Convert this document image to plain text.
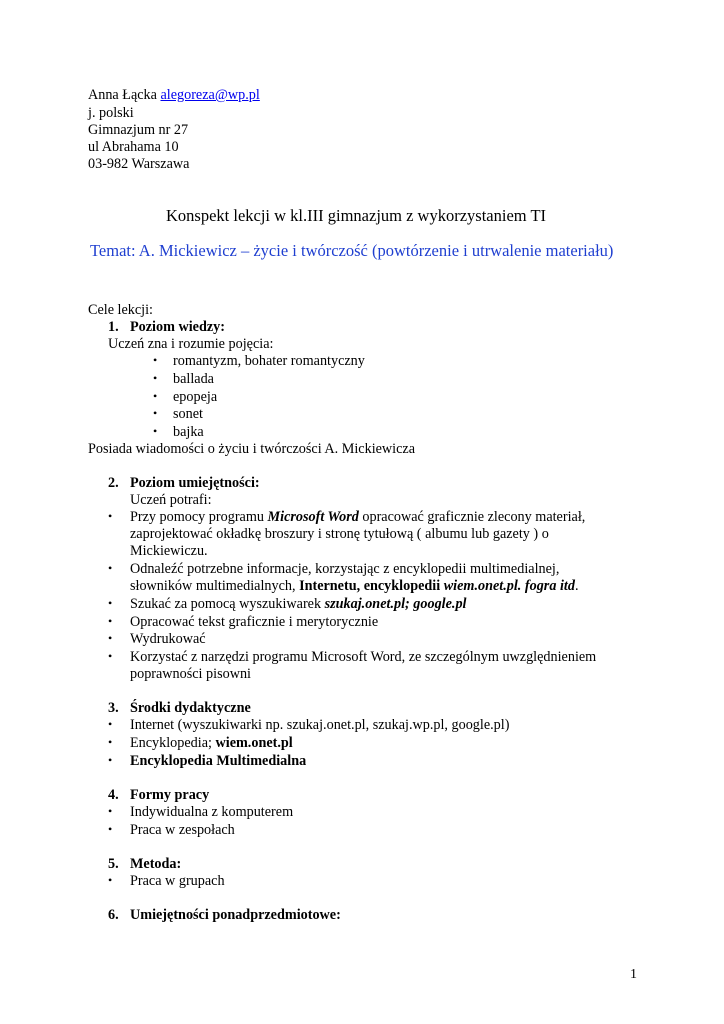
Anna Łącka alegoreza@wp.pl
j. polski
Gimnazjum nr 27
ul Abrahama 10
03-982 Warszawa
Konspekt lekcji w kl.III gimnazjum z wykorzystaniem TI
Temat: A. Mickiewicz – życie i twórczość (powtórzenie i utrwalenie materiału)
Cele lekcji:
1. Poziom wiedzy:
Uczeń zna i rozumie pojęcia:
• romantyzm, bohater romantyczny
• ballada
• epopeja
• sonet
• bajka
Posiada wiadomości o życiu i twórczości A. Mickiewicza
2. Poziom umiejętności:
Uczeń potrafi:
• Przy pomocy programu Microsoft Word opracować graficznie zlecony materiał,
zaprojektować okładkę broszury i stronę tytułową ( albumu lub gazety ) o
Mickiewiczu.
• Odnaleźć potrzebne informacje, korzystając z encyklopedii multimedialnej,
słowników multimedialnych, Internetu, encyklopedii wiem.onet.pl. fogra itd.
• Szukać za pomocą wyszukiwarek szukaj.onet.pl; google.pl
• Opracować tekst graficznie i merytorycznie
• Wydrukować
• Korzystać z narzędzi programu Microsoft Word, ze szczególnym uwzględnieniem
poprawności pisowni
3. Środki dydaktyczne
• Internet (wyszukiwarki np. szukaj.onet.pl, szukaj.wp.pl, google.pl)
• Encyklopedia; wiem.onet.pl
• Encyklopedia Multimedialna
4. Formy pracy
• Indywidualna z komputerem
• Praca w zespołach
5. Metoda:
• Praca w grupach
6. Umiejętności ponadprzedmiotowe:
1
